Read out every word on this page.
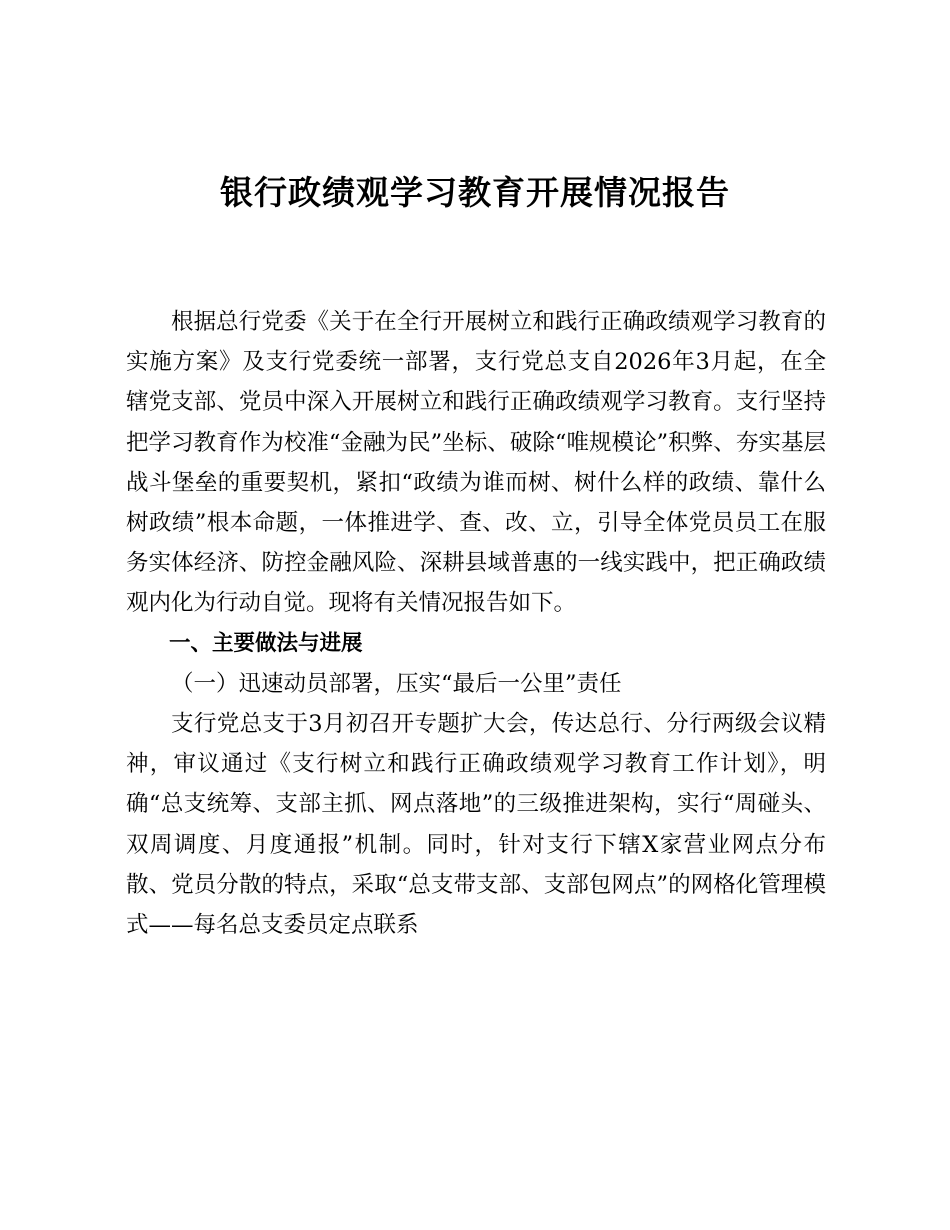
银行政绩观学习教育开展情况报告

根据总行党委《关于在全行开展树立和践行正确政绩观学习教育的实施方案》及支行党委统一部署，支行党总支自2026年3月起，在全辖党支部、党员中深入开展树立和践行正确政绩观学习教育。支行坚持把学习教育作为校准“金融为民”坐标、破除“唯规模论”积弊、夯实基层战斗堡垒的重要契机，紧扣“政绩为谁而树、树什么样的政绩、靠什么树政绩”根本命题，一体推进学、查、改、立，引导全体党员员工在服务实体经济、防控金融风险、深耕县域普惠的一线实践中，把正确政绩观内化为行动自觉。现将有关情况报告如下。

一、主要做法与进展

（一）迅速动员部署，压实“最后一公里”责任

支行党总支于3月初召开专题扩大会，传达总行、分行两级会议精神，审议通过《支行树立和践行正确政绩观学习教育工作计划》，明确“总支统筹、支部主抓、网点落地”的三级推进架构，实行“周碰头、双周调度、月度通报”机制。同时，针对支行下辖X家营业网点分布散、党员分散的特点，采取“总支带支部、支部包网点”的网格化管理模式——每名总支委员定点联系
